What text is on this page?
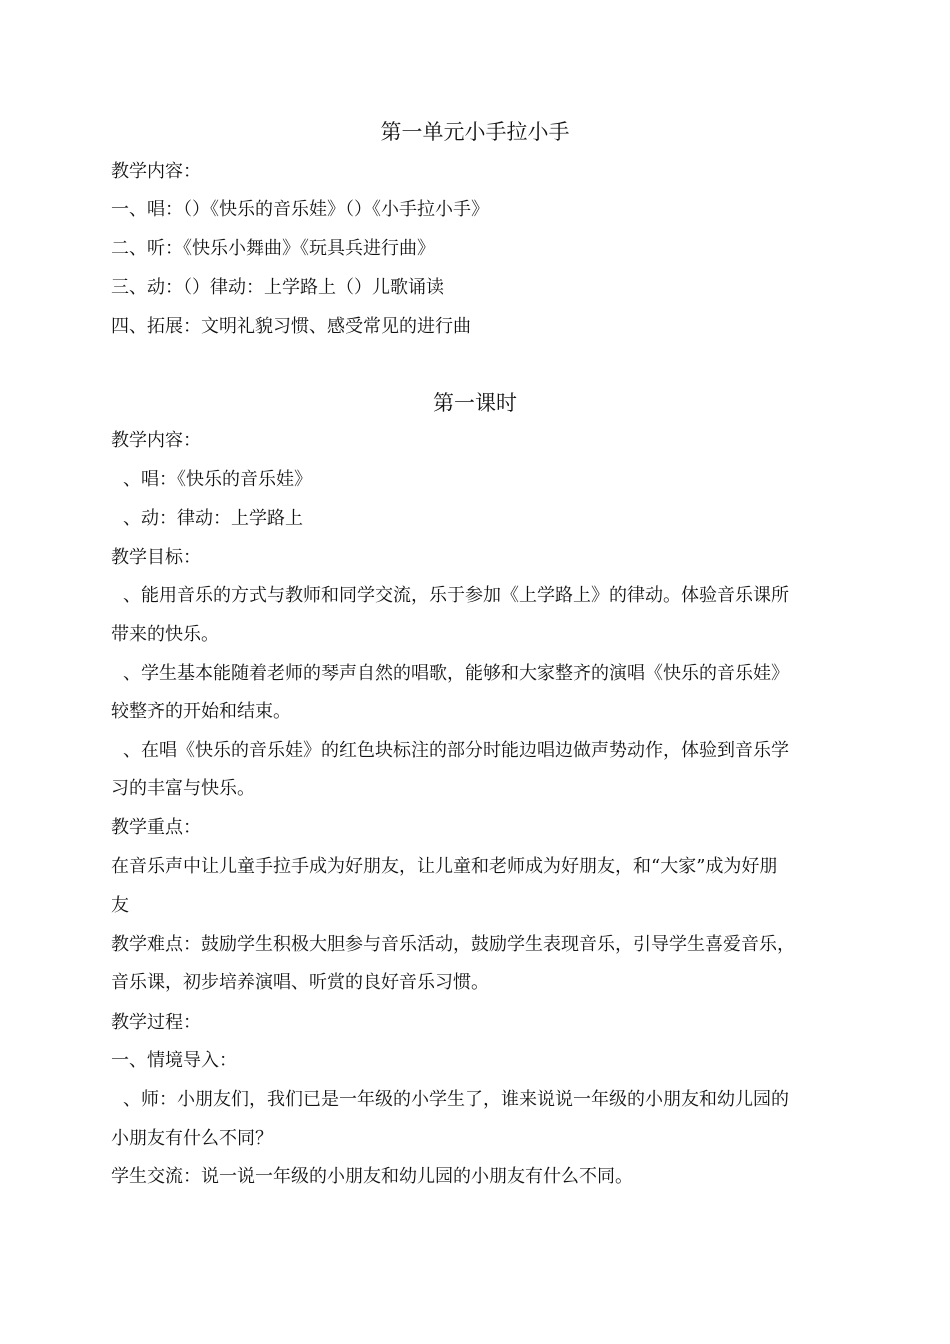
第一单元小手拉小手
教学内容：
一、唱：（）《快乐的音乐娃》（）《小手拉小手》
二、听：《快乐小舞曲》《玩具兵进行曲》
三、动：（）律动：上学路上（）儿歌诵读
四、拓展：文明礼貌习惯、感受常见的进行曲
第一课时
教学内容：
、唱：《快乐的音乐娃》
、动：律动：上学路上
教学目标：
、能用音乐的方式与教师和同学交流，乐于参加《上学路上》的律动。体验音乐课所
带来的快乐。
、学生基本能随着老师的琴声自然的唱歌，能够和大家整齐的演唱《快乐的音乐娃》
较整齐的开始和结束。
、在唱《快乐的音乐娃》的红色块标注的部分时能边唱边做声势动作，体验到音乐学
习的丰富与快乐。
教学重点：
在音乐声中让儿童手拉手成为好朋友，让儿童和老师成为好朋友，和“大家”成为好朋
友
教学难点：鼓励学生积极大胆参与音乐活动，鼓励学生表现音乐，引导学生喜爱音乐，
音乐课，初步培养演唱、听赏的良好音乐习惯。
教学过程：
一、情境导入：
、师：小朋友们，我们已是一年级的小学生了，谁来说说一年级的小朋友和幼儿园的
小朋友有什么不同？
学生交流：说一说一年级的小朋友和幼儿园的小朋友有什么不同。
